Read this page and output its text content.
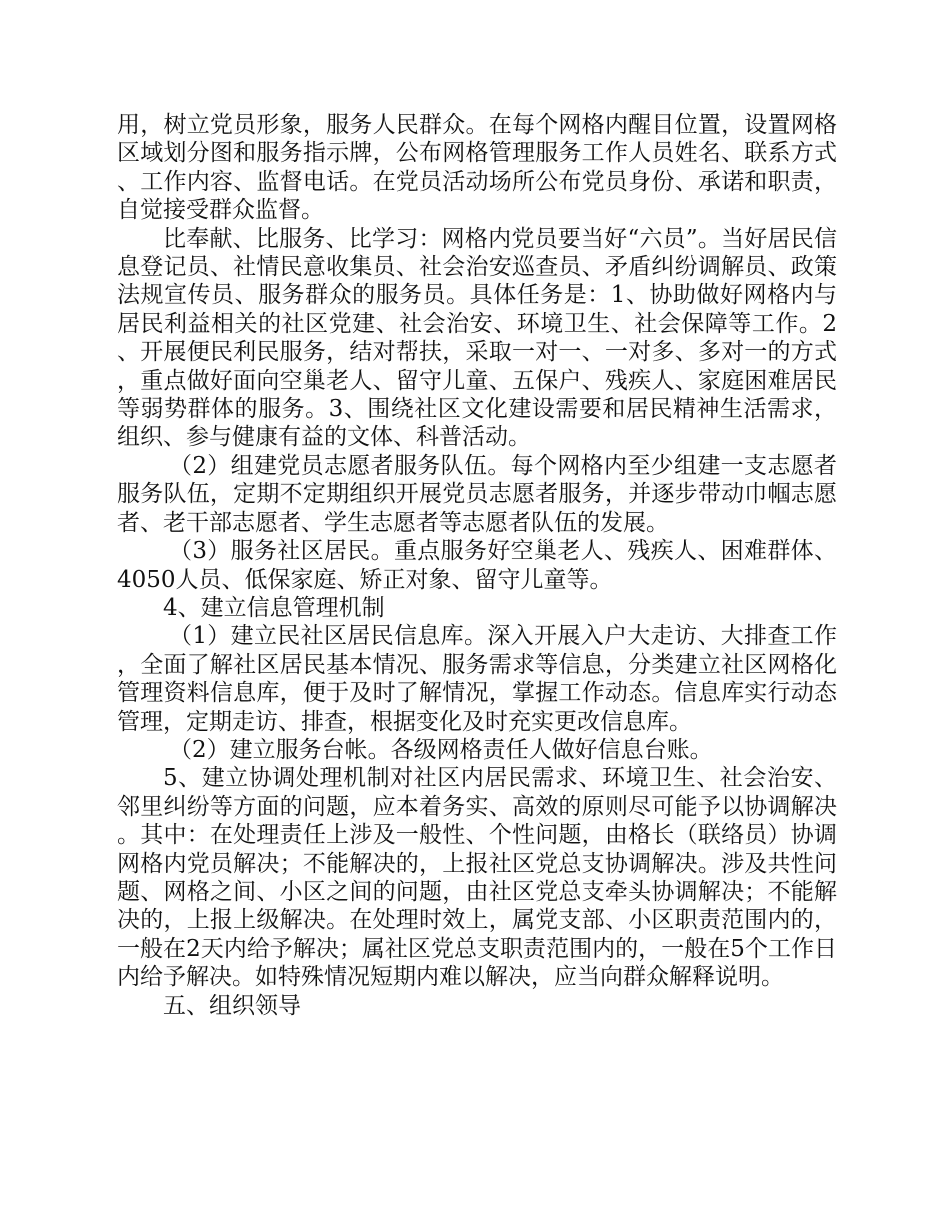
用，树立党员形象，服务人民群众。在每个网格内醒目位置，设置网格区域划分图和服务指示牌，公布网格管理服务工作人员姓名、联系方式、工作内容、监督电话。在党员活动场所公布党员身份、承诺和职责，自觉接受群众监督。

比奉献、比服务、比学习：网格内党员要当好“六员”。当好居民信息登记员、社情民意收集员、社会治安巡查员、矛盾纠纷调解员、政策法规宣传员、服务群众的服务员。具体任务是：1、协助做好网格内与居民利益相关的社区党建、社会治安、环境卫生、社会保障等工作。2、开展便民利民服务，结对帮扶，采取一对一、一对多、多对一的方式，重点做好面向空巢老人、留守儿童、五保户、残疾人、家庭困难居民等弱势群体的服务。3、围绕社区文化建设需要和居民精神生活需求，组织、参与健康有益的文体、科普活动。

（2）组建党员志愿者服务队伍。每个网格内至少组建一支志愿者服务队伍，定期不定期组织开展党员志愿者服务，并逐步带动巾帼志愿者、老干部志愿者、学生志愿者等志愿者队伍的发展。

（3）服务社区居民。重点服务好空巢老人、残疾人、困难群体、4050人员、低保家庭、矫正对象、留守儿童等。

4、建立信息管理机制

（1）建立民社区居民信息库。深入开展入户大走访、大排查工作，全面了解社区居民基本情况、服务需求等信息，分类建立社区网格化管理资料信息库，便于及时了解情况，掌握工作动态。信息库实行动态管理，定期走访、排查，根据变化及时充实更改信息库。

（2）建立服务台帐。各级网格责任人做好信息台账。

5、建立协调处理机制对社区内居民需求、环境卫生、社会治安、邻里纠纷等方面的问题，应本着务实、高效的原则尽可能予以协调解决。其中：在处理责任上涉及一般性、个性问题，由格长（联络员）协调网格内党员解决；不能解决的，上报社区党总支协调解决。涉及共性问题、网格之间、小区之间的问题，由社区党总支牵头协调解决；不能解决的，上报上级解决。在处理时效上，属党支部、小区职责范围内的，一般在2天内给予解决；属社区党总支职责范围内的，一般在5个工作日内给予解决。如特殊情况短期内难以解决，应当向群众解释说明。

五、组织领导
